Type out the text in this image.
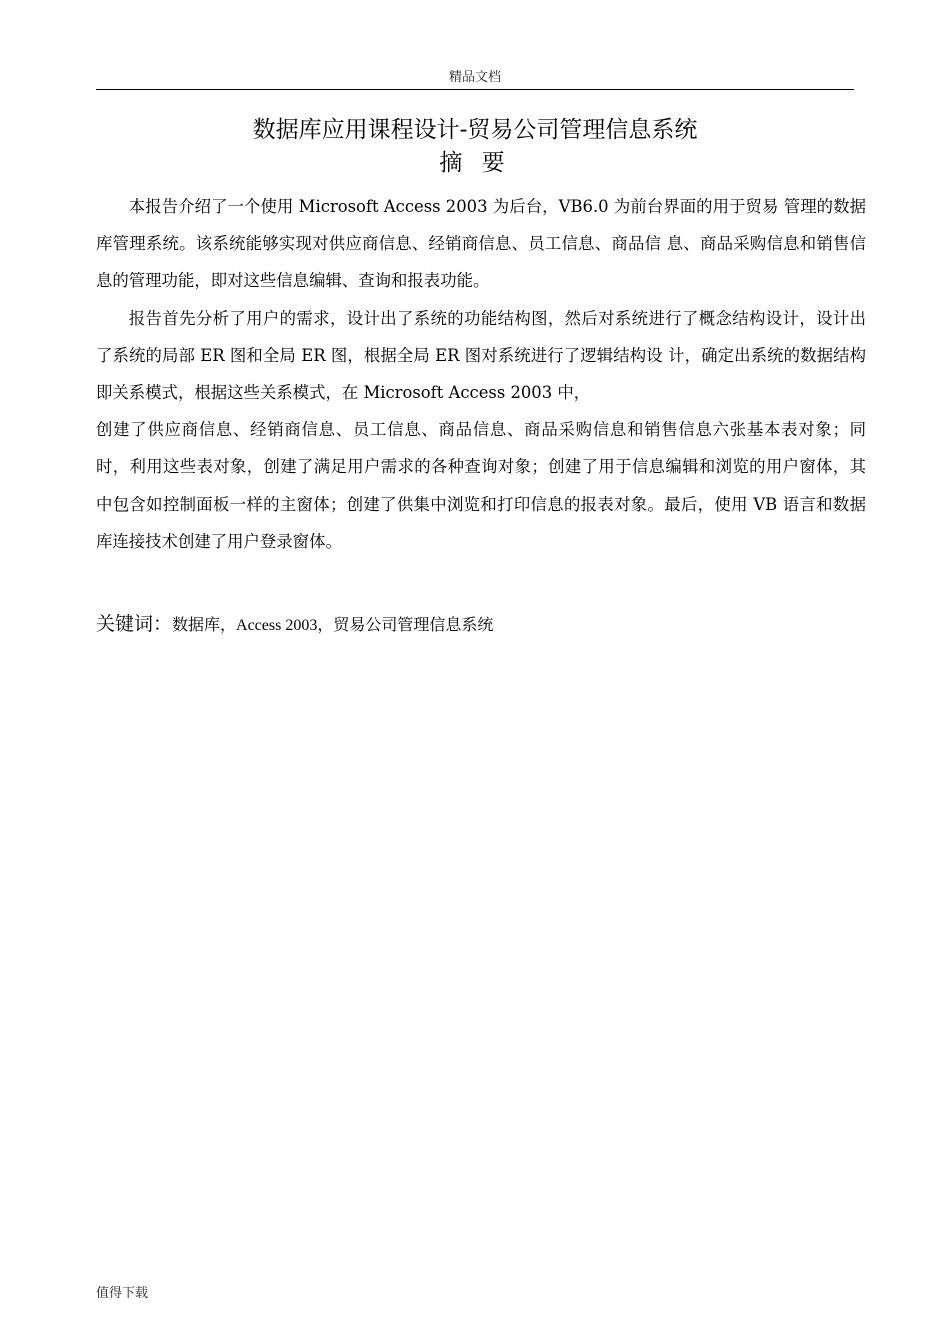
精品文档
数据库应用课程设计-贸易公司管理信息系统
摘 要

本报告介绍了一个使用 Microsoft Access 2003 为后台，VB6.0 为前台界面的用于贸易 管理的数据库管理系统。该系统能够实现对供应商信息、经销商信息、员工信息、商品信 息、商品采购信息和销售信息的管理功能，即对这些信息编辑、查询和报表功能。

报告首先分析了用户的需求，设计出了系统的功能结构图，然后对系统进行了概念结构设计，设计出了系统的局部 ER 图和全局 ER 图，根据全局 ER 图对系统进行了逻辑结构设 计，确定出系统的数据结构即关系模式，根据这些关系模式，在 Microsoft Access 2003 中，

创建了供应商信息、经销商信息、员工信息、商品信息、商品采购信息和销售信息六张基本表对象；同时，利用这些表对象，创建了满足用户需求的各种查询对象；创建了用于信息编辑和浏览的用户窗体，其中包含如控制面板一样的主窗体；创建了供集中浏览和打印信息的报表对象。最后，使用 VB 语言和数据库连接技术创建了用户登录窗体。

关键词：数据库，Access 2003，贸易公司管理信息系统
值得下载
